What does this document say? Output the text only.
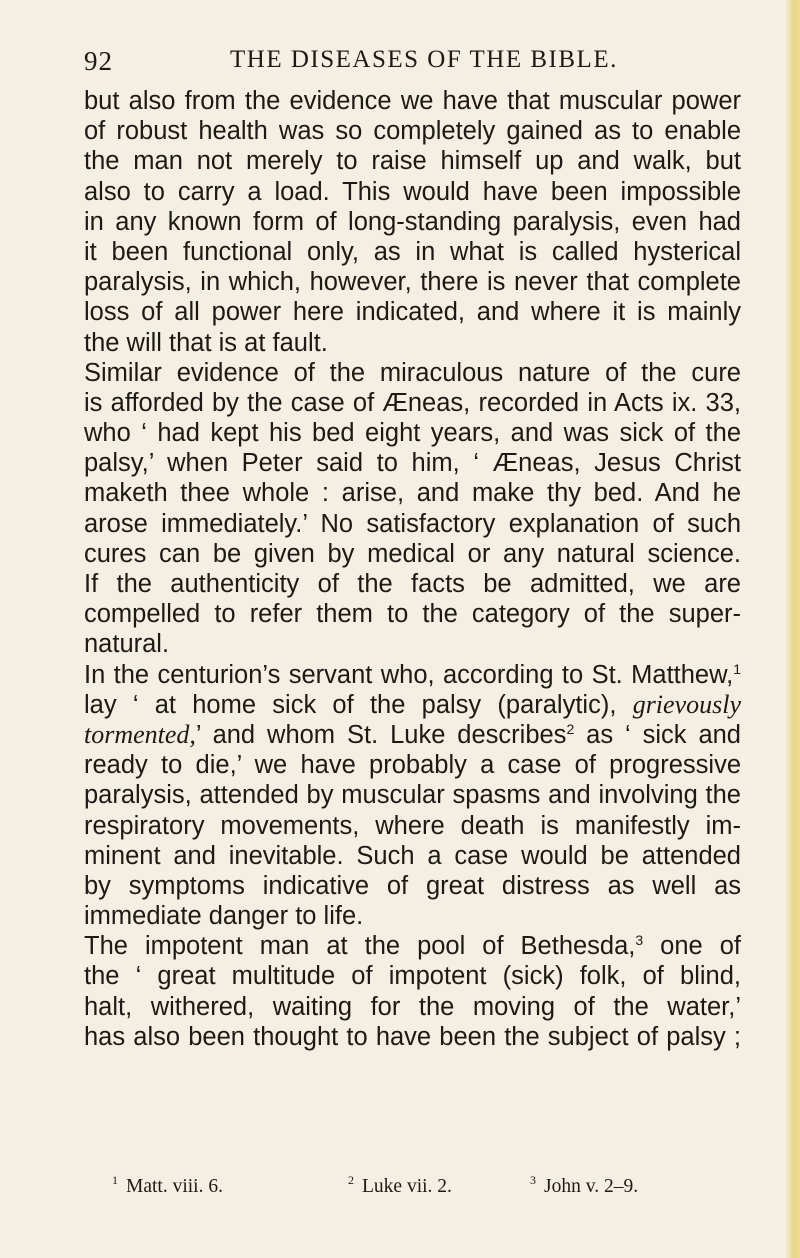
92	THE DISEASES OF THE BIBLE.
but also from the evidence we have that muscular power
of robust health was so completely gained as to enable
the man not merely to raise himself up and walk, but
also to carry a load. This would have been impossible
in any known form of long-standing paralysis, even had
it been functional only, as in what is called hysterical
paralysis, in which, however, there is never that complete
loss of all power here indicated, and where it is mainly
the will that is at fault.
Similar evidence of the miraculous nature of the cure
is afforded by the case of Æneas, recorded in Acts ix. 33,
who ‘ had kept his bed eight years, and was sick of the
palsy,’ when Peter said to him, ‘ Æneas, Jesus Christ
maketh thee whole : arise, and make thy bed. And he
arose immediately.’ No satisfactory explanation of such
cures can be given by medical or any natural science.
If the authenticity of the facts be admitted, we are
compelled to refer them to the category of the super-
natural.
In the centurion’s servant who, according to St. Matthew,$^1$
lay ‘ at home sick of the palsy (paralytic), grievously
tormented,’ and whom St. Luke describes$^2$ as ‘ sick and
ready to die,’ we have probably a case of progressive
paralysis, attended by muscular spasms and involving the
respiratory movements, where death is manifestly im-
minent and inevitable. Such a case would be attended
by symptoms indicative of great distress as well as
immediate danger to life.
The impotent man at the pool of Bethesda,$^3$ one of
the ‘ great multitude of impotent (sick) folk, of blind,
halt, withered, waiting for the moving of the water,’
has also been thought to have been the subject of palsy ;
$^1$ Matt. viii. 6.	$^2$ Luke vii. 2.	$^3$ John v. 2–9.
